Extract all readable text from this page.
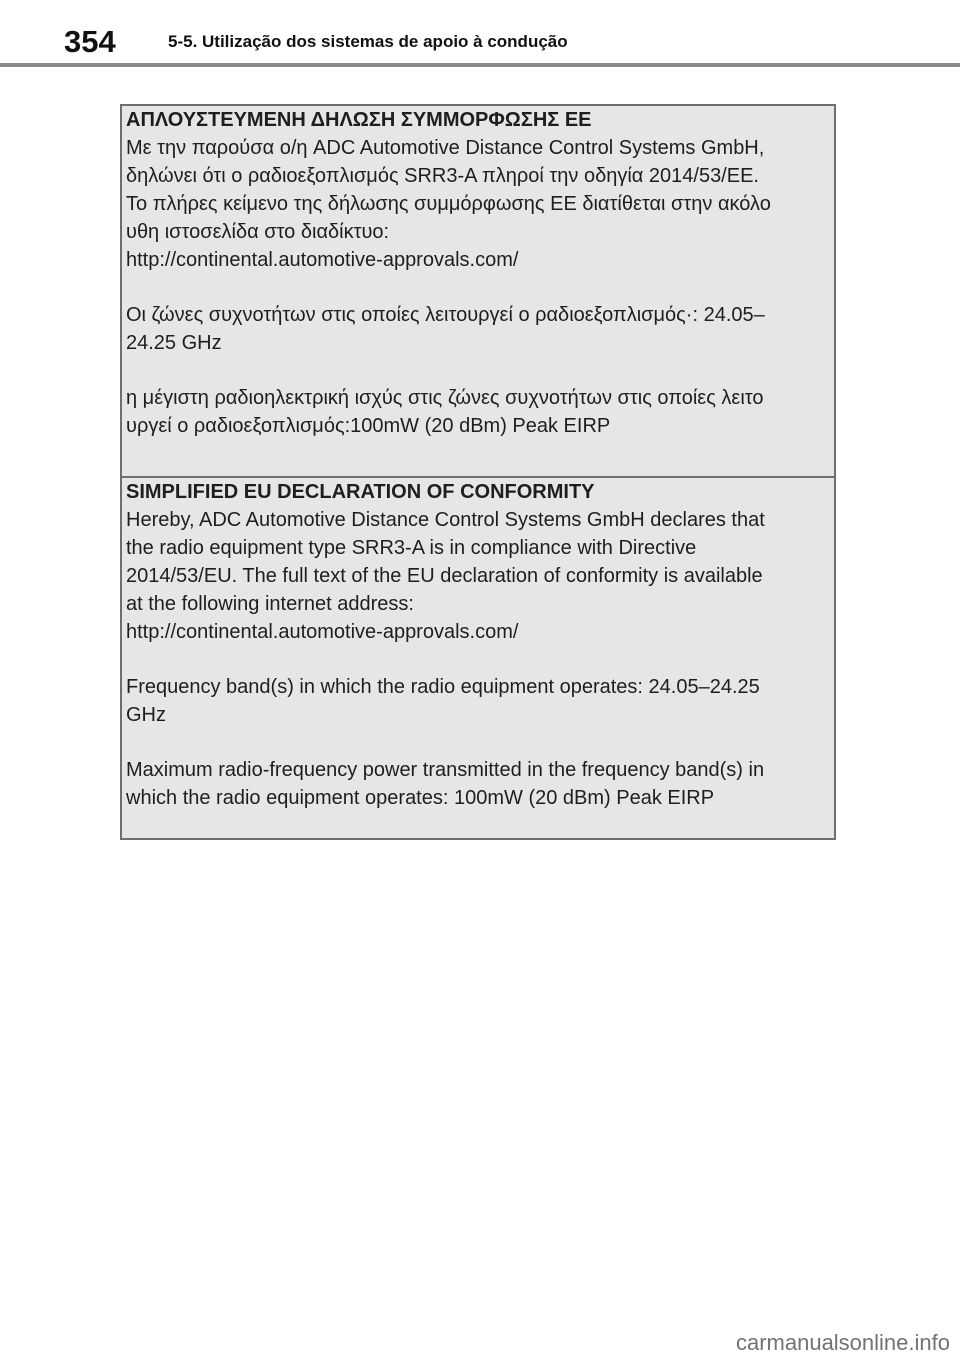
354	5-5. Utilização dos sistemas de apoio à condução

ΑΠΛΟΥΣΤΕΥΜΕΝΗ ΔΗΛΩΣΗ ΣΥΜΜΟΡΦΩΣΗΣ ΕΕ

Με την παρούσα ο/η ADC Automotive Distance Control Systems GmbH,

δηλώνει ότι ο ραδιοεξοπλισμός SRR3-A πληροί την οδηγία 2014/53/ΕΕ.

Το πλήρες κείμενο της δήλωσης συμμόρφωσης ΕΕ διατίθεται στην ακόλο

υθη ιστοσελίδα στο διαδίκτυο:

http://continental.automotive-approvals.com/

Οι ζώνες συχνοτήτων στις οποίες λειτουργεί ο ραδιοεξοπλισμός·: 24.05–

24.25 GHz

η μέγιστη ραδιοηλεκτρική ισχύς στις ζώνες συχνοτήτων στις οποίες λειτο

υργεί ο ραδιοεξοπλισμός:100mW (20 dBm) Peak EIRP

SIMPLIFIED EU DECLARATION OF CONFORMITY

Hereby, ADC Automotive Distance Control Systems GmbH declares that

the radio equipment type SRR3-A is in compliance with Directive

2014/53/EU. The full text of the EU declaration of conformity is available

at the following internet address:

http://continental.automotive-approvals.com/

Frequency band(s) in which the radio equipment operates: 24.05–24.25

GHz

Maximum radio-frequency power transmitted in the frequency band(s) in

which the radio equipment operates: 100mW (20 dBm) Peak EIRP

carmanualsonline.info
